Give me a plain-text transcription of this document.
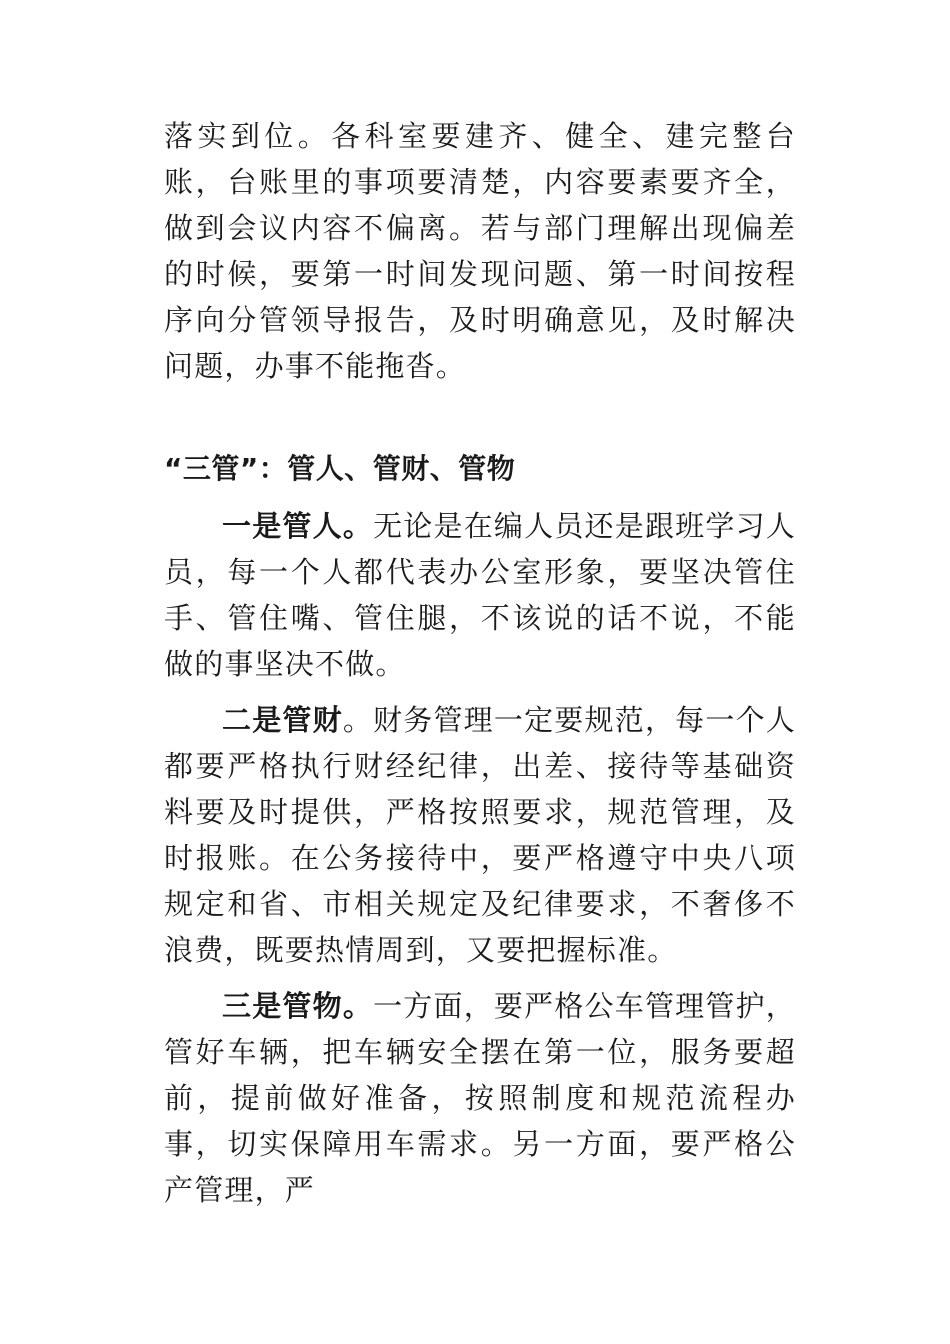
落实到位。各科室要建齐、健全、建完整台账，台账里的事项要清楚，内容要素要齐全，做到会议内容不偏离。若与部门理解出现偏差的时候，要第一时间发现问题、第一时间按程序向分管领导报告，及时明确意见，及时解决问题，办事不能拖沓。

“三管”：管人、管财、管物

一是管人。无论是在编人员还是跟班学习人员，每一个人都代表办公室形象，要坚决管住手、管住嘴、管住腿，不该说的话不说，不能做的事坚决不做。

二是管财。财务管理一定要规范，每一个人都要严格执行财经纪律，出差、接待等基础资料要及时提供，严格按照要求，规范管理，及时报账。在公务接待中，要严格遵守中央八项规定和省、市相关规定及纪律要求，不奢侈不浪费，既要热情周到，又要把握标准。

三是管物。一方面，要严格公车管理管护，管好车辆，把车辆安全摆在第一位，服务要超前，提前做好准备，按照制度和规范流程办事，切实保障用车需求。另一方面，要严格公产管理，严
